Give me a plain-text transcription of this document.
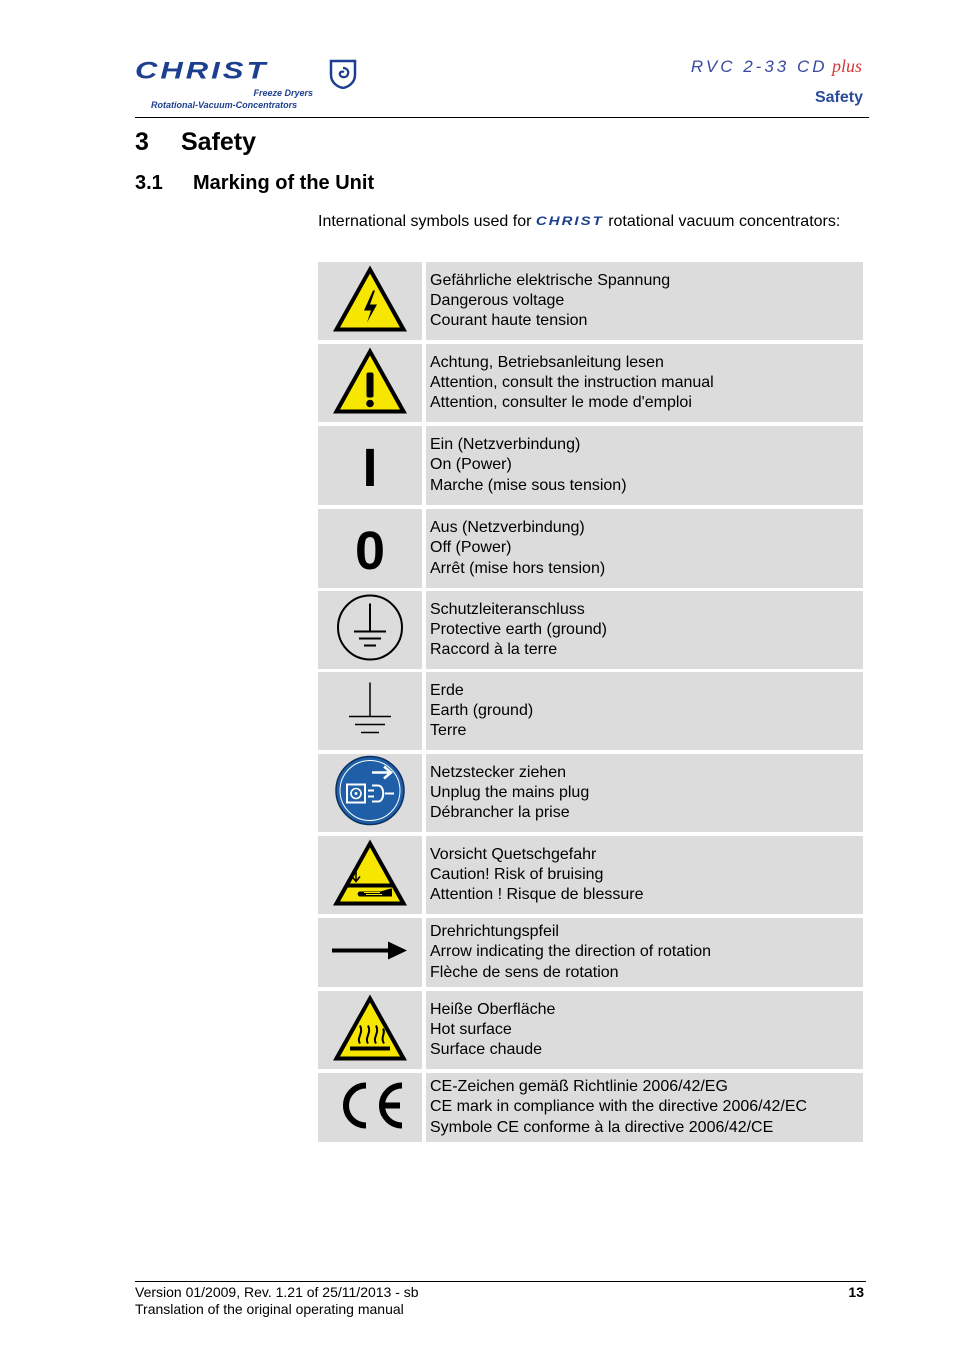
CHRIST
Freeze Dryers
Rotational-Vacuum-Concentrators
RVC 2-33 CD plus
Safety
3 Safety
3.1 Marking of the Unit
International symbols used for CHRIST rotational vacuum concentrators:
Gefährliche elektrische Spannung
Dangerous voltage
Courant haute tension
Achtung, Betriebsanleitung lesen
Attention, consult the instruction manual
Attention, consulter le mode d'emploi
I	Ein (Netzverbindung)
On (Power)
Marche (mise sous tension)
0	Aus (Netzverbindung)
Off (Power)
Arrêt (mise hors tension)
Schutzleiteranschluss
Protective earth (ground)
Raccord à la terre
Erde
Earth (ground)
Terre
Netzstecker ziehen
Unplug the mains plug
Débrancher la prise
Vorsicht Quetschgefahr
Caution! Risk of bruising
Attention ! Risque de blessure
Drehrichtungspfeil
Arrow indicating the direction of rotation
Flèche de sens de rotation
Heiße Oberfläche
Hot surface
Surface chaude
CE-Zeichen gemäß Richtlinie 2006/42/EG
CE mark in compliance with the directive 2006/42/EC
Symbole CE conforme à la directive 2006/42/CE
Version 01/2009, Rev. 1.21 of 25/11/2013 - sb
Translation of the original operating manual
13
